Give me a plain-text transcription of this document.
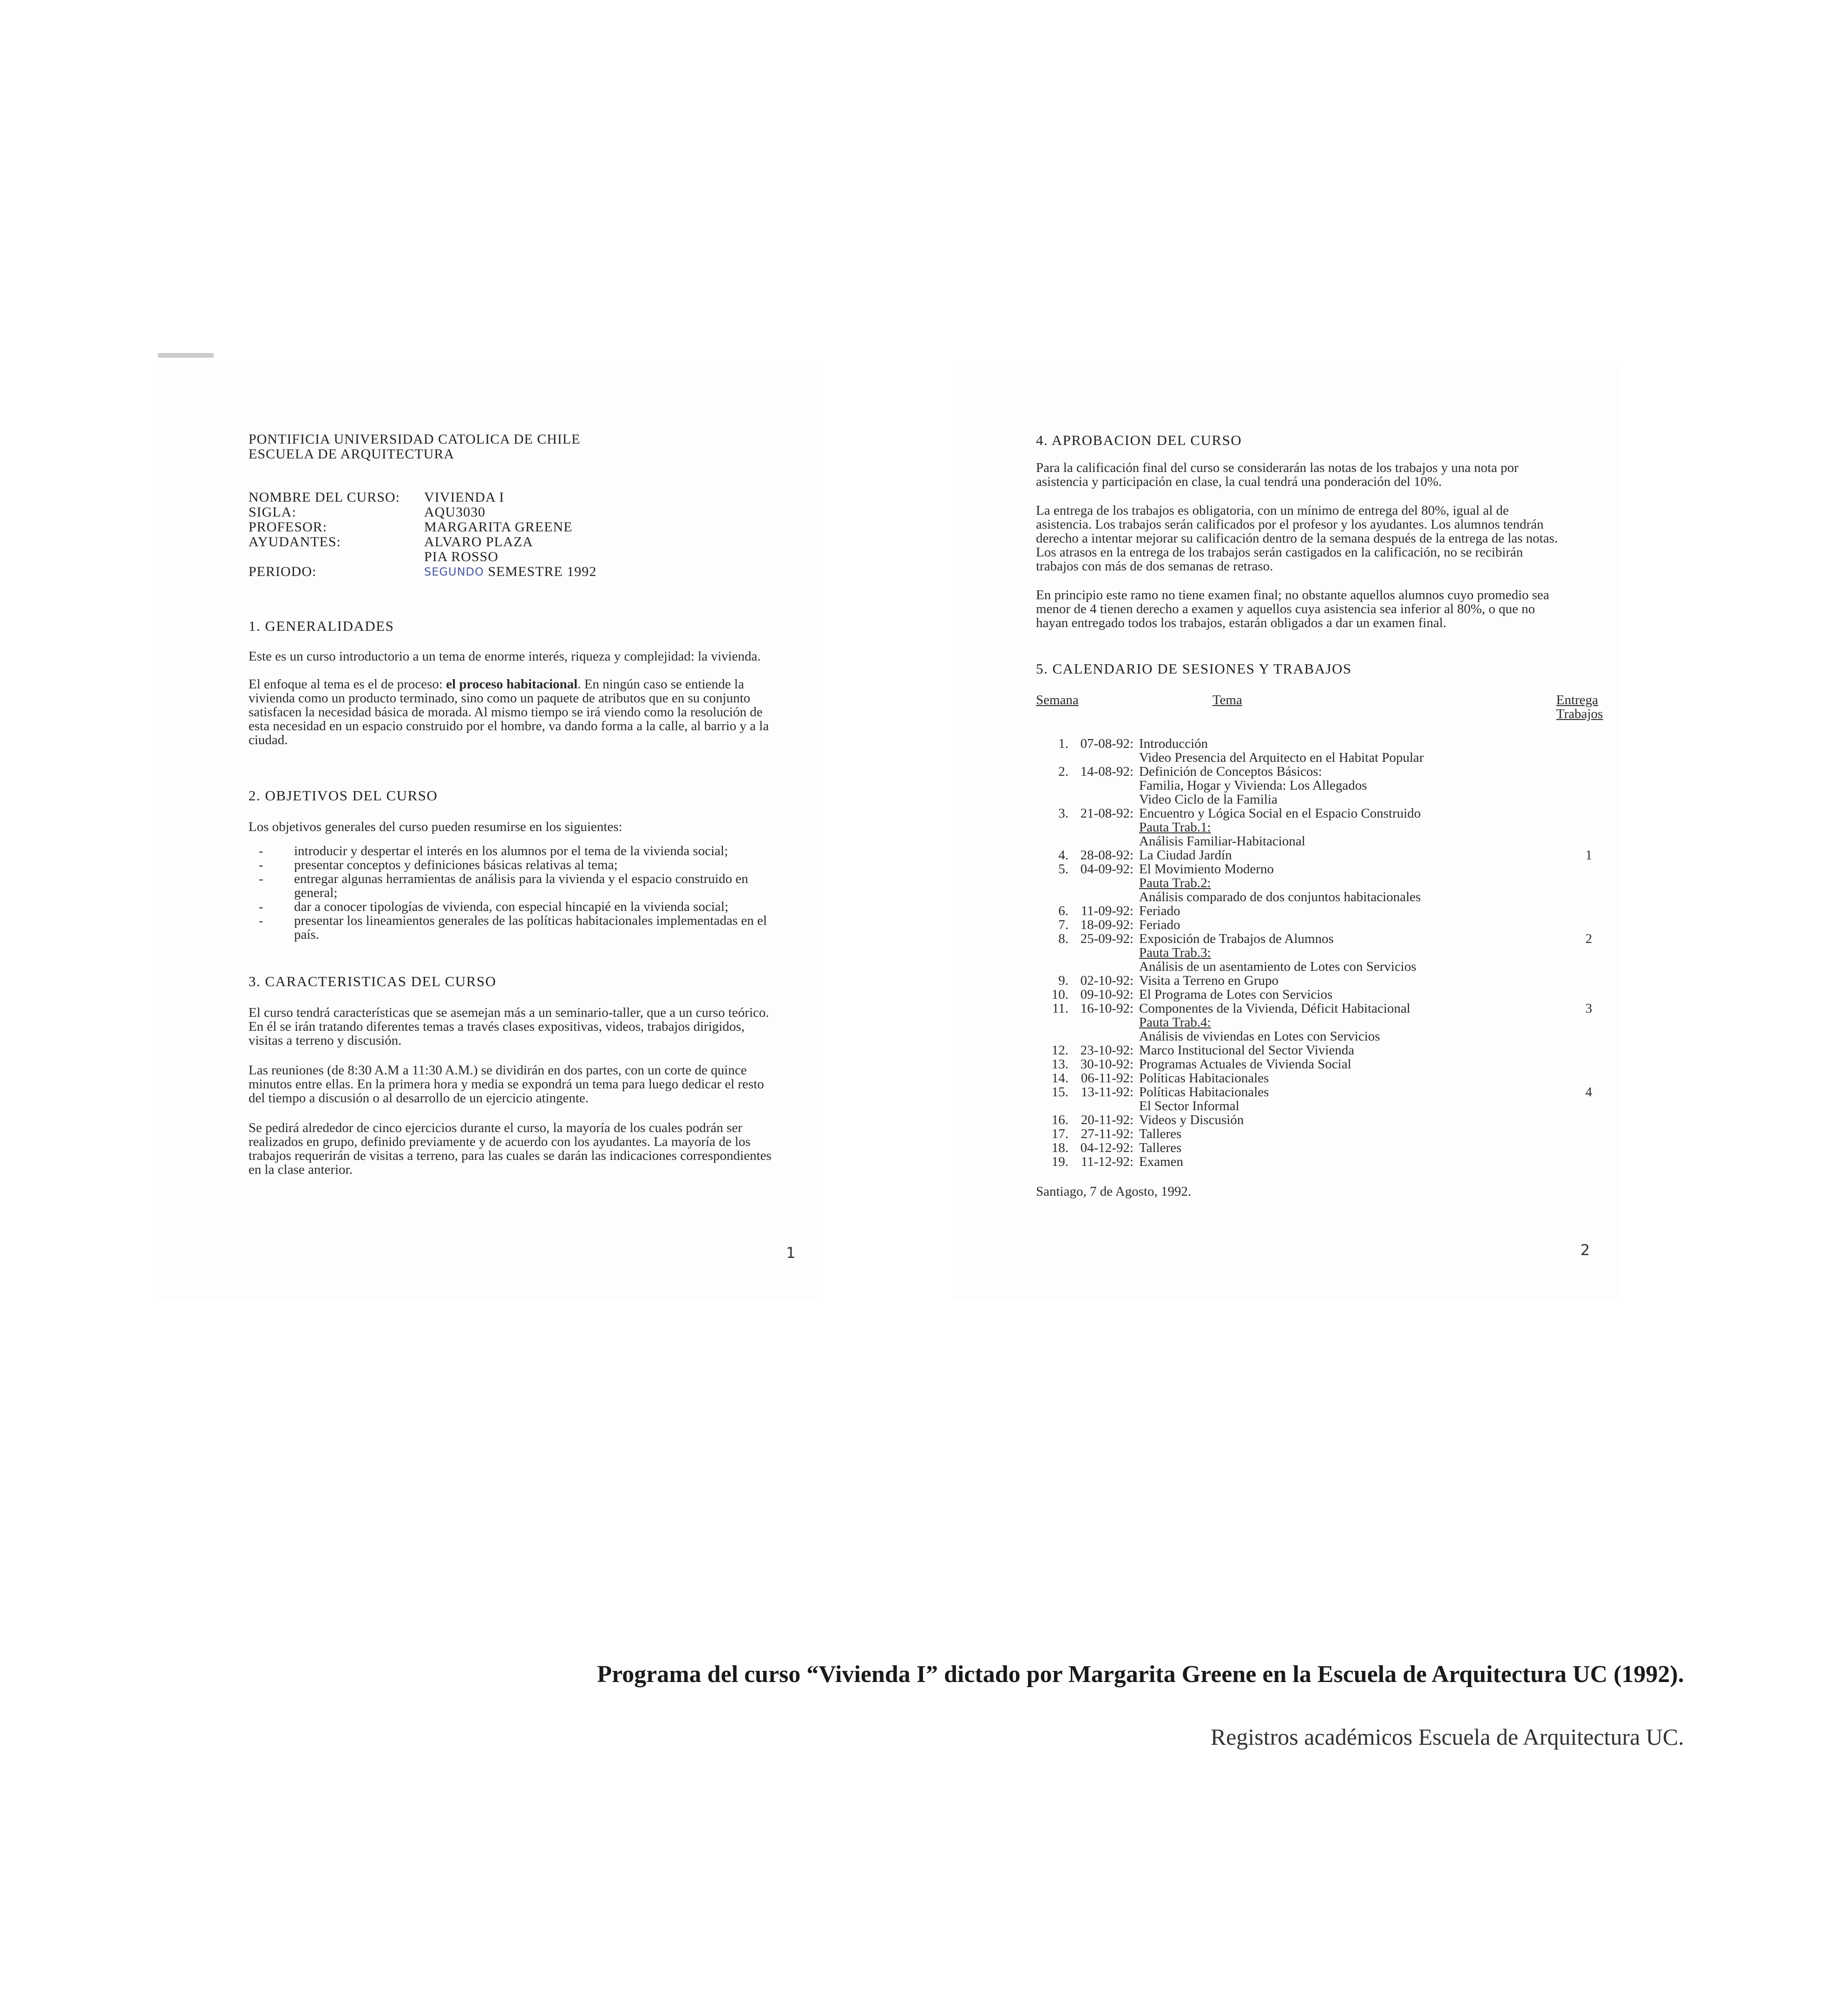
PONTIFICIA UNIVERSIDAD CATOLICA DE CHILE
ESCUELA DE ARQUITECTURA
NOMBRE DEL CURSO:	VIVIENDA I
SIGLA:	AQU3030
PROFESOR:	MARGARITA GREENE
AYUDANTES:	ALVARO PLAZA
PIA ROSSO
PERIODO:	SEGUNDO
SEMESTRE 1992
1. GENERALIDADES

Este es un curso introductorio a un tema de enorme interés, riqueza y complejidad: la vivienda.

El enfoque al tema es el de proceso: el proceso habitacional. En ningún caso se entiende la vivienda como un producto terminado, sino como un paquete de atributos que en su conjunto satisfacen la necesidad básica de morada. Al mismo tiempo se irá viendo como la resolución de esta necesidad en un espacio construido por el hombre, va dando forma a la calle, al barrio y a la ciudad.

2. OBJETIVOS DEL CURSO

Los objetivos generales del curso pueden resumirse en los siguientes:

-	introducir y despertar el interés en los alumnos por el tema de la vivienda social;
-	presentar conceptos y definiciones básicas relativas al tema;
-	entregar algunas herramientas de análisis para la vivienda y el espacio construido en general;
-	dar a conocer tipologías de vivienda, con especial hincapié en la vivienda social;
-	presentar los lineamientos generales de las políticas habitacionales implementadas en el país.
3. CARACTERISTICAS DEL CURSO

El curso tendrá características que se asemejan más a un seminario-taller, que a un curso teórico. En él se irán tratando diferentes temas a través clases expositivas, videos, trabajos dirigidos, visitas a terreno y discusión.

Las reuniones (de 8:30 A.M a 11:30 A.M.) se dividirán en dos partes, con un corte de quince minutos entre ellas. En la primera hora y media se expondrá un tema para luego dedicar el resto del tiempo a discusión o al desarrollo de un ejercicio atingente.

Se pedirá alrededor de cinco ejercicios durante el curso, la mayoría de los cuales podrán ser realizados en grupo, definido previamente y de acuerdo con los ayudantes. La mayoría de los trabajos requerirán de visitas a terreno, para las cuales se darán las indicaciones correspondientes en la clase anterior.

1
4. APROBACION DEL CURSO

Para la calificación final del curso se considerarán las notas de los trabajos y una nota por asistencia y participación en clase, la cual tendrá una ponderación del 10%.

La entrega de los trabajos es obligatoria, con un mínimo de entrega del 80%, igual al de asistencia. Los trabajos serán calificados por el profesor y los ayudantes. Los alumnos tendrán derecho a intentar mejorar su calificación dentro de la semana después de la entrega de las notas. Los atrasos en la entrega de los trabajos serán castigados en la calificación, no se recibirán trabajos con más de dos semanas de retraso.

En principio este ramo no tiene examen final; no obstante aquellos alumnos cuyo promedio sea menor de 4 tienen derecho a examen y aquellos cuya asistencia sea inferior al 80%, o que no hayan entregado todos los trabajos, estarán obligados a dar un examen final.

5. CALENDARIO DE SESIONES Y TRABAJOS
Semana	Tema	Entrega
Trabajos
1. 07-08-92: Introducción
Video Presencia del Arquitecto en el Habitat Popular
2. 14-08-92: Definición de Conceptos Básicos:
Familia, Hogar y Vivienda: Los Allegados
Video Ciclo de la Familia
3. 21-08-92: Encuentro y Lógica Social en el Espacio Construido
Pauta Trab.1:
Análisis Familiar-Habitacional
4. 28-08-92: La Ciudad Jardín	1
5. 04-09-92: El Movimiento Moderno
Pauta Trab.2:
Análisis comparado de dos conjuntos habitacionales
6. 11-09-92: Feriado
7. 18-09-92: Feriado
8. 25-09-92: Exposición de Trabajos de Alumnos	2
Pauta Trab.3:
Análisis de un asentamiento de Lotes con Servicios
9. 02-10-92: Visita a Terreno en Grupo
10. 09-10-92: El Programa de Lotes con Servicios
11. 16-10-92: Componentes de la Vivienda, Déficit Habitacional	3
Pauta Trab.4:
Análisis de viviendas en Lotes con Servicios
12. 23-10-92: Marco Institucional del Sector Vivienda
13. 30-10-92: Programas Actuales de Vivienda Social
14. 06-11-92: Políticas Habitacionales
15. 13-11-92: Políticas Habitacionales	4
El Sector Informal
16. 20-11-92: Videos y Discusión
17. 27-11-92: Talleres
18. 04-12-92: Talleres
19. 11-12-92: Examen
Santiago, 7 de Agosto, 1992.
2
Programa del curso “Vivienda I” dictado por Margarita Greene en la Escuela de Arquitectura UC (1992).
Registros académicos Escuela de Arquitectura UC.
